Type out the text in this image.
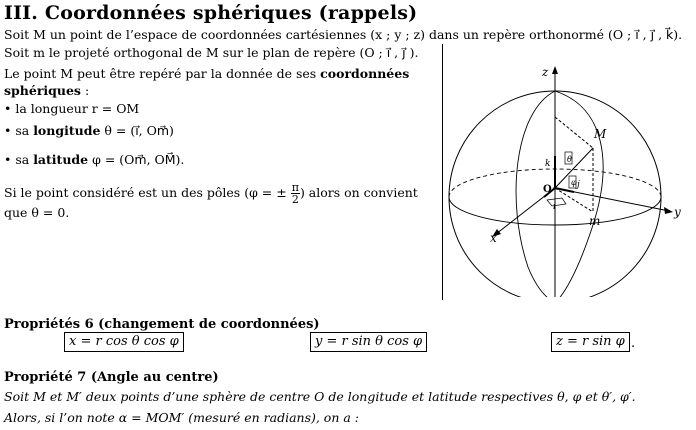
III. Coordonnées sphériques (rappels)
Soit M un point de l’espace de coordonnées cartésiennes (x ; y ; z) dans un repère orthonormé (O ; i⃗ , j⃗ , k⃗).
Soit m le projeté orthogonal de M sur le plan de repère (O ; i⃗ , j⃗ ).
Le point M peut être repéré par la donnée de ses coordonnées
sphériques :
• la longueur r = OM
• sa longitude θ = (i⃗, Om⃗)
• sa latitude φ = (Om⃗, OM⃗).
Si le point considéré est un des pôles (φ = ± $\frac{\pi}{2}$ ) alors on convient
que θ = 0.
z
y
x
M
m
O
k
j
i
θ
φ
Propriétés 6 (changement de coordonnées)
x = r cos θ cos φ	y = r sin θ cos φ	z = r sin φ .
Propriété 7 (Angle au centre)
Soit M et M′ deux points d’une sphère de centre O de longitude et latitude respectives θ, φ et θ′, φ′.
Alors, si l’on note α = MOM′ (mesuré en radians), on a :
